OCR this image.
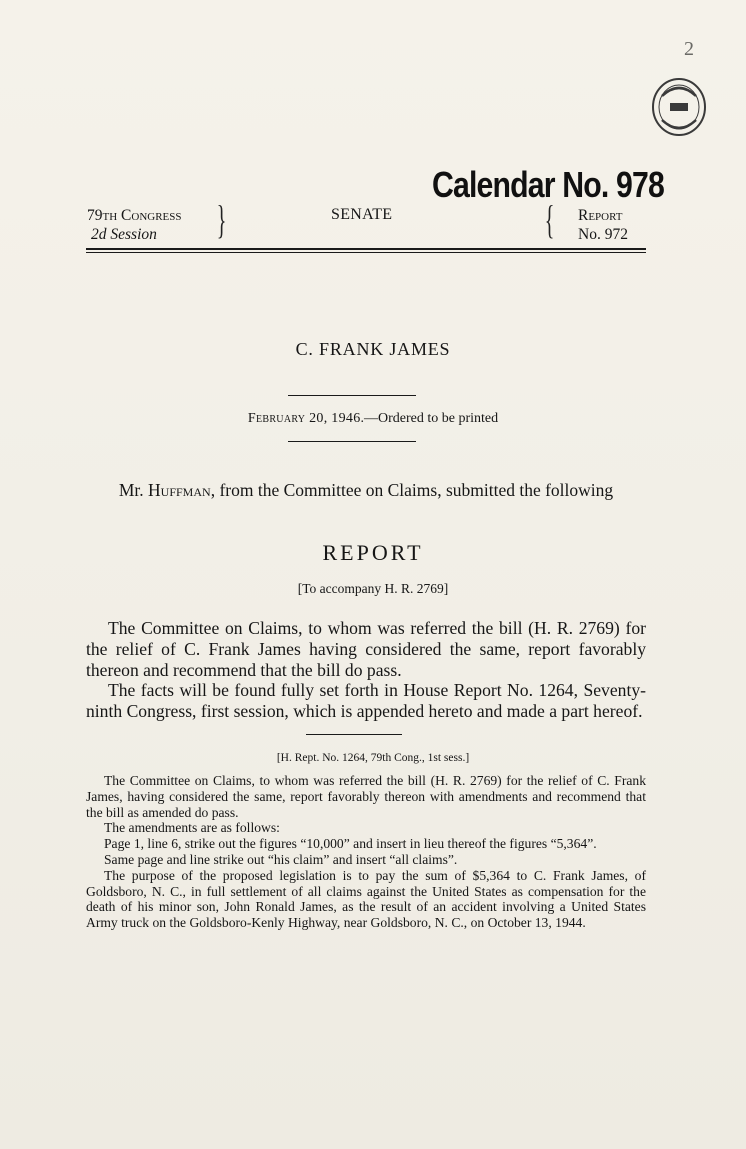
2
Calendar No. 978
79th Congress
2d Session	}	SENATE	{ Report
No. 972
C. FRANK JAMES
February 20, 1946.—Ordered to be printed
Mr. Huffman, from the Committee on Claims, submitted the following
REPORT
[To accompany H. R. 2769]

The Committee on Claims, to whom was referred the bill (H. R. 2769) for the relief of C. Frank James having considered the same, report favorably thereon and recommend that the bill do pass.

The facts will be found fully set forth in House Report No. 1264, Seventy-ninth Congress, first session, which is appended hereto and made a part hereof.

[H. Rept. No. 1264, 79th Cong., 1st sess.]

The Committee on Claims, to whom was referred the bill (H. R. 2769) for the relief of C. Frank James, having considered the same, report favorably thereon with amendments and recommend that the bill as amended do pass.

The amendments are as follows:

Page 1, line 6, strike out the figures “10,000” and insert in lieu thereof the figures “5,364”.

Same page and line strike out “his claim” and insert “all claims”.

The purpose of the proposed legislation is to pay the sum of $5,364 to C. Frank James, of Goldsboro, N. C., in full settlement of all claims against the United States as compensation for the death of his minor son, John Ronald James, as the result of an accident involving a United States Army truck on the Goldsboro-Kenly Highway, near Goldsboro, N. C., on October 13, 1944.
